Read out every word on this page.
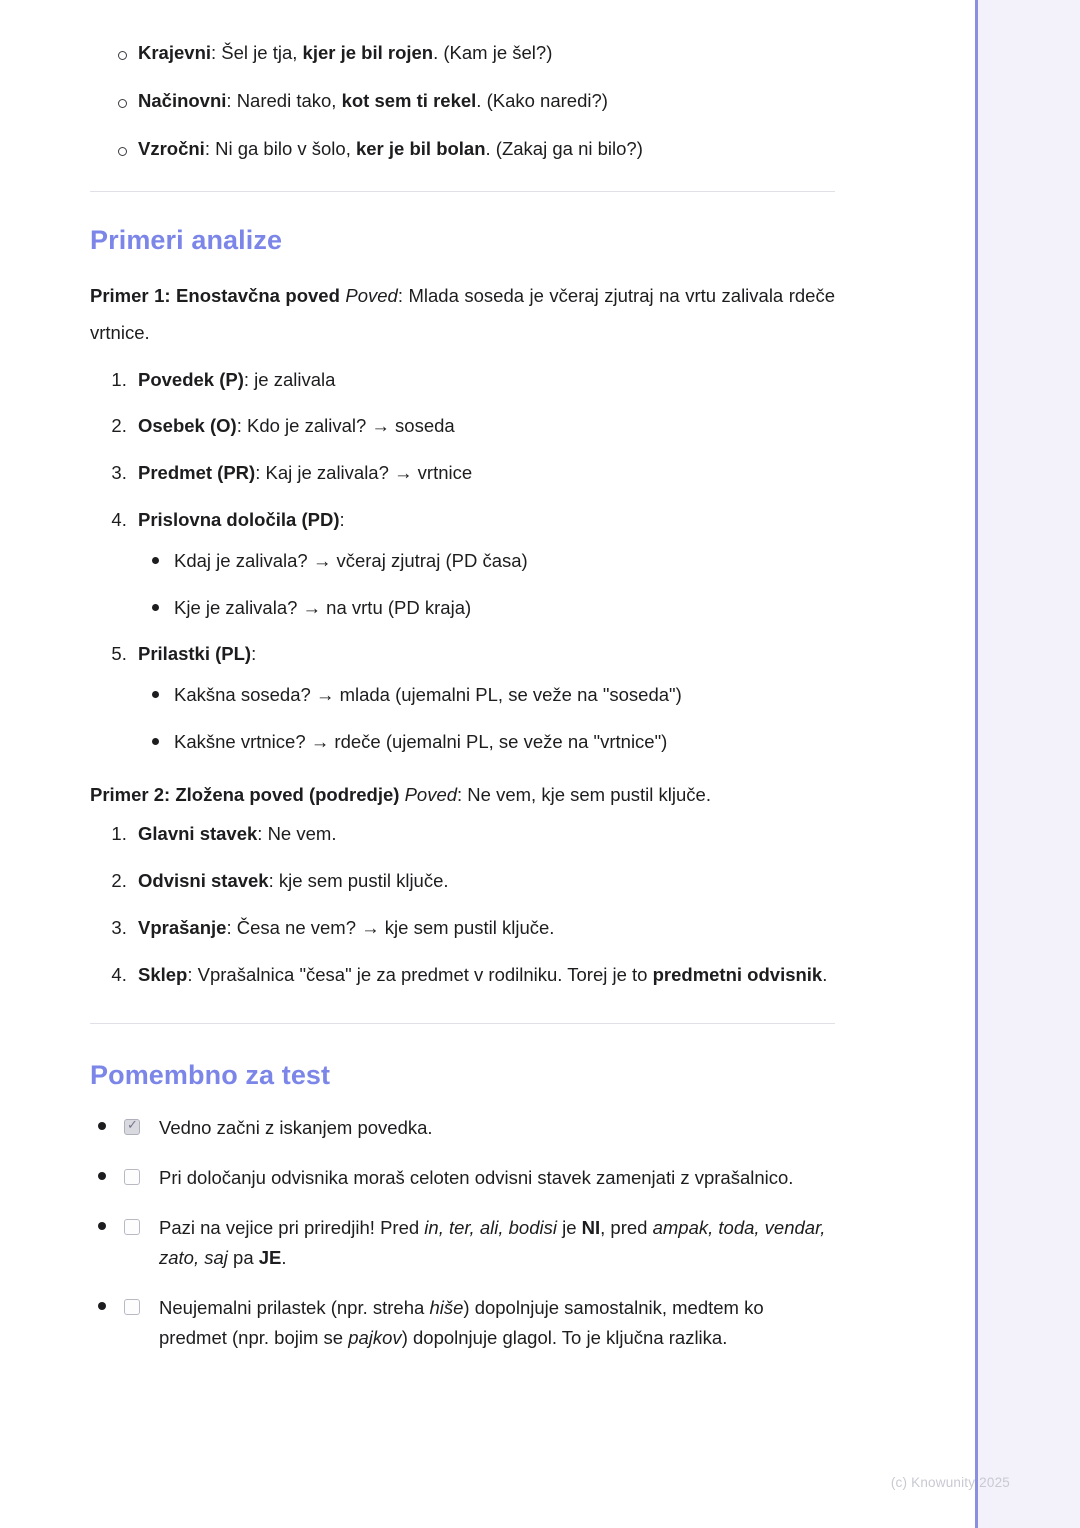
Krajevni: Šel je tja, kjer je bil rojen. (Kam je šel?)
Načinovni: Naredi tako, kot sem ti rekel. (Kako naredi?)
Vzročni: Ni ga bilo v šolo, ker je bil bolan. (Zakaj ga ni bilo?)
Primeri analize

Primer 1: Enostavčna poved Poved: Mlada soseda je včeraj zjutraj na vrtu zalivala rdeče vrtnice.

1. Povedek (P): je zalivala
2. Osebek (O): Kdo je zalival? → soseda
3. Predmet (PR): Kaj je zalivala? → vrtnice
4. Prislovna določila (PD):
Kdaj je zalivala? → včeraj zjutraj (PD časa)
Kje je zalivala? → na vrtu (PD kraja)
5. Prilastki (PL):
Kakšna soseda? → mlada (ujemalni PL, se veže na "soseda")
Kakšne vrtnice? → rdeče (ujemalni PL, se veže na "vrtnice")

Primer 2: Zložena poved (podredje) Poved: Ne vem, kje sem pustil ključe.

1. Glavni stavek: Ne vem.
2. Odvisni stavek: kje sem pustil ključe.
3. Vprašanje: Česa ne vem? → kje sem pustil ključe.
4. Sklep: Vprašalnica "česa" je za predmet v rodilniku. Torej je to predmetni odvisnik.
Pomembno za test
✓
Vedno začni z iskanjem povedka.
Pri določanju odvisnika moraš celoten odvisni stavek zamenjati z vprašalnico.
Pazi na vejice pri priredjih! Pred in, ter, ali, bodisi je NI, pred ampak, toda, vendar, zato, saj pa JE.
Neujemalni prilastek (npr. streha hiše) dopolnjuje samostalnik, medtem ko predmet (npr. bojim se pajkov) dopolnjuje glagol. To je ključna razlika.
(c) Knowunity 2025
